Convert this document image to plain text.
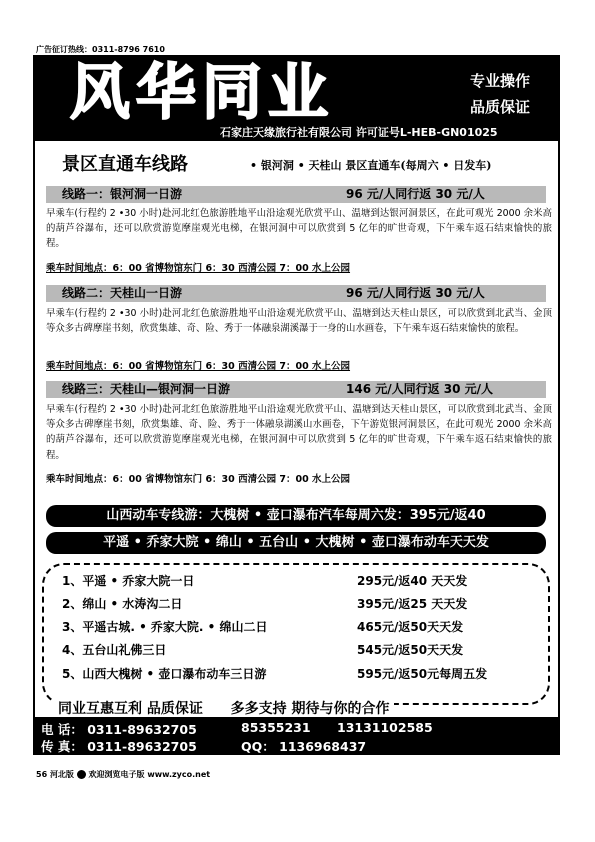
广告征订热线：0311-8796 7610
风华同业	专业操作
品质保证
石家庄天缘旅行社有限公司 许可证号L-HEB-GN01025
景区直通车线路	• 银河洞 • 天桂山 景区直通车(每周六 • 日发车)
线路一：银河洞一日游	96 元/人同行返 30 元/人
早乘车(行程约 2 •30 小时)赴河北红色旅游胜地平山沿途观光欣赏平山、温塘到达银河洞景区，在此可观光 2000 余米高的葫芦谷瀑布，还可以欣赏游览摩崖观光电梯，在银河洞中可以欣赏到 5 亿年的旷世奇观，下午乘车返石结束愉快的旅程。
乘车时间地点：6：00 省博物馆东门 6：30 西清公园 7：00 水上公园
线路二：天桂山一日游	96 元/人同行返 30 元/人
早乘车(行程约 2 •30 小时)赴河北红色旅游胜地平山沿途观光欣赏平山、温塘到达天桂山景区，可以欣赏到北武当、金顶等众多古碑摩崖书刻，欣赏集雄、奇、险、秀于一体融泉湖溪瀑于一身的山水画卷，下午乘车返石结束愉快的旅程。
乘车时间地点：6：00 省博物馆东门 6：30 西清公园 7：00 水上公园
线路三：天桂山—银河洞一日游	146 元/人同行返 30 元/人
早乘车(行程约 2 •30 小时)赴河北红色旅游胜地平山沿途观光欣赏平山、温塘到达天桂山景区，可以欣赏到北武当、金顶等众多古碑摩崖书刻，欣赏集雄、奇、险、秀于一体融泉湖溪山水画卷，下午游览银河洞景区，在此可观光 2000 余米高的葫芦谷瀑布，还可以欣赏游览摩崖观光电梯，在银河洞中可以欣赏到 5 亿年的旷世奇观，下午乘车返石结束愉快的旅程。
乘车时间地点：6：00 省博物馆东门 6：30 西清公园 7：00 水上公园
山西动车专线游：大槐树 • 壶口瀑布汽车每周六发：395元/返40
平遥 • 乔家大院 • 绵山 • 五台山 • 大槐树 • 壶口瀑布动车天天发
1、平遥 • 乔家大院一日	295元/返40 天天发
2、绵山 • 水涛沟二日	395元/返25 天天发
3、平遥古城. • 乔家大院. • 绵山二日	465元/返50天天发
4、五台山礼佛三日	545元/返50天天发
5、山西大槐树 • 壶口瀑布动车三日游	595元/返50元每周五发
同业互惠互利 品质保证 多多支持 期待与你的合作
电 话： 0311-89632705	85355231 13131102585
传 真： 0311-89632705	QQ： 1136968437
56 河北版 欢迎浏览电子版 www.zyco.net
